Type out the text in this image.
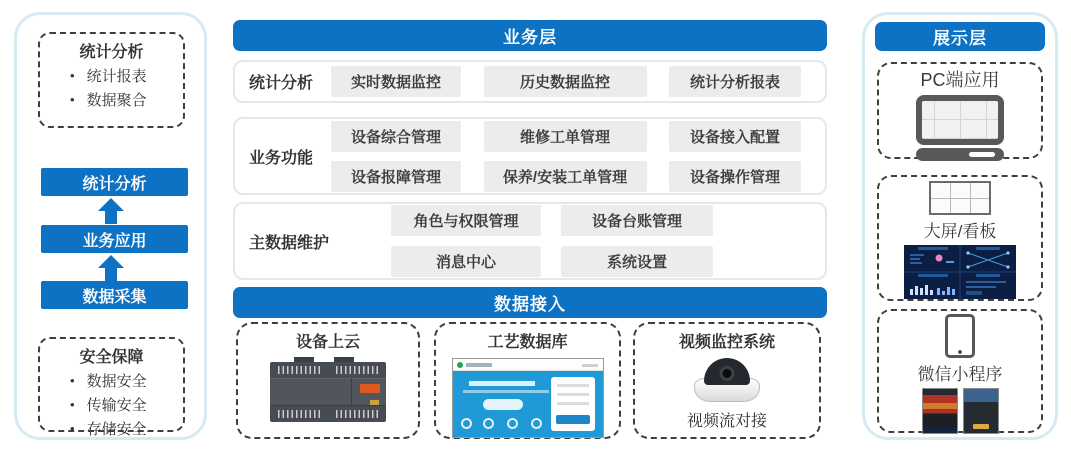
统计分析
• 统计报表
• 数据聚合
统计分析
业务应用
数据采集
安全保障
• 数据安全
• 传输安全
• 存储安全
业务层
统计分析	实时数据监控	历史数据监控	统计分析报表
业务功能
设备综合管理	维修工单管理	设备接入配置
设备报障管理	保养/安装工单管理	设备操作管理
主数据维护
角色与权限管理	设备台账管理
消息中心	系统设置
数据接入
设备上云	工艺数据库	视频监控系统
视频流对接
展示层
PC端应用
大屏/看板
微信小程序
